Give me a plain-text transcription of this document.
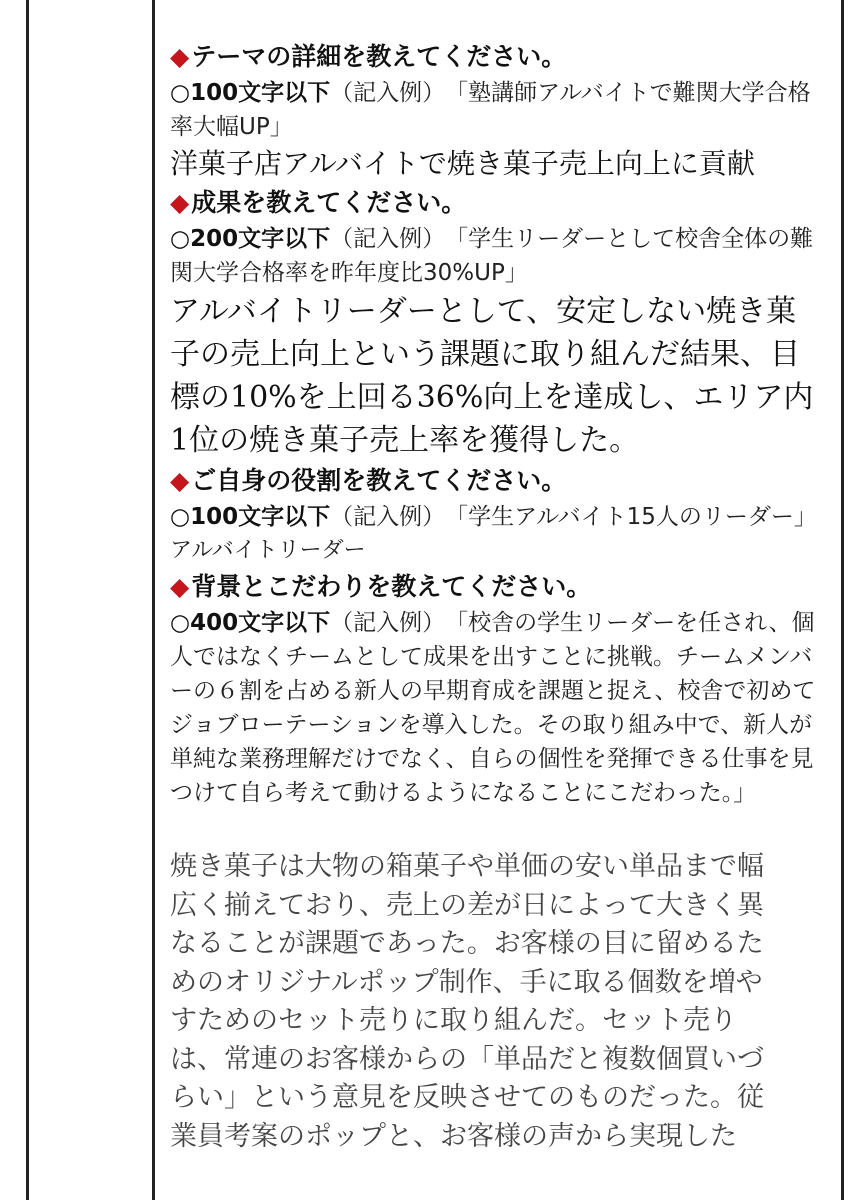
◆テーマの詳細を教えてください。
○100文字以下（記入例）　「塾講師アルバイトで難関大学合格率大幅UP」
洋菓子店アルバイトで焼き菓子売上向上に貢献
◆成果を教えてください。
○200文字以下（記入例）　「学生リーダーとして校舎全体の難関大学合格率を昨年度比30%UP」
アルバイトリーダーとして、安定しない焼き菓
子の売上向上という課題に取り組んだ結果、目
標の10%を上回る36%向上を達成し、エリア内
1位の焼き菓子売上率を獲得した。
◆ご自身の役割を教えてください。
○100文字以下（記入例）　「学生アルバイト15人のリーダー」
アルバイトリーダー
◆背景とこだわりを教えてください。
○400文字以下（記入例）　「校舎の学生リーダーを任され、個人ではなくチームとして成果を出すことに挑戦。チームメンバーの６割を占める新人の早期育成を課題と捉え、校舎で初めてジョブローテーションを導入した。その取り組み中で、新人が単純な業務理解だけでなく、自らの個性を発揮できる仕事を見つけて自ら考えて動けるようになることにこだわった。」
焼き菓子は大物の箱菓子や単価の安い単品まで幅
広く揃えており、売上の差が日によって大きく異
なることが課題であった。お客様の目に留めるた
めのオリジナルポップ制作、手に取る個数を増や
すためのセット売りに取り組んだ。セット売り
は、常連のお客様からの「単品だと複数個買いづ
らい」という意見を反映させてのものだった。従
業員考案のポップと、お客様の声から実現した
